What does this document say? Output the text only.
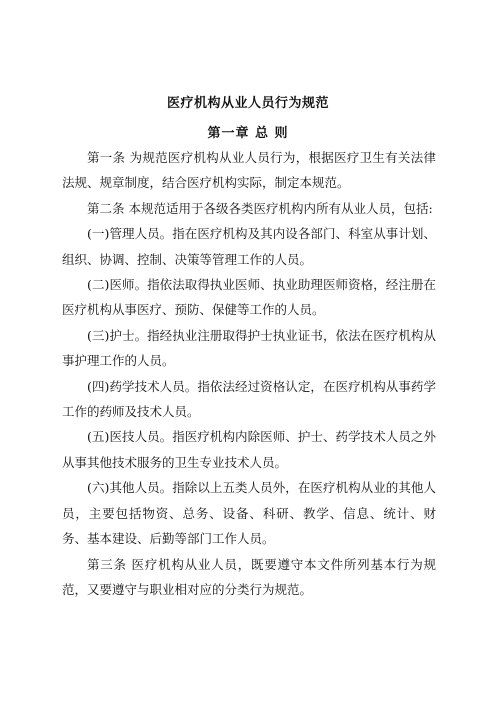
医疗机构从业人员行为规范
第一章 总 则

第一条 为规范医疗机构从业人员行为，根据医疗卫生有关法律法规、规章制度，结合医疗机构实际，制定本规范。

第二条 本规范适用于各级各类医疗机构内所有从业人员，包括:

(一)管理人员。指在医疗机构及其内设各部门、科室从事计划、组织、协调、控制、决策等管理工作的人员。

(二)医师。指依法取得执业医师、执业助理医师资格，经注册在医疗机构从事医疗、预防、保健等工作的人员。

(三)护士。指经执业注册取得护士执业证书，依法在医疗机构从事护理工作的人员。

(四)药学技术人员。指依法经过资格认定，在医疗机构从事药学工作的药师及技术人员。

(五)医技人员。指医疗机构内除医师、护士、药学技术人员之外从事其他技术服务的卫生专业技术人员。

(六)其他人员。指除以上五类人员外，在医疗机构从业的其他人员，主要包括物资、总务、设备、科研、教学、信息、统计、财务、基本建设、后勤等部门工作人员。

第三条 医疗机构从业人员，既要遵守本文件所列基本行为规范，又要遵守与职业相对应的分类行为规范。
